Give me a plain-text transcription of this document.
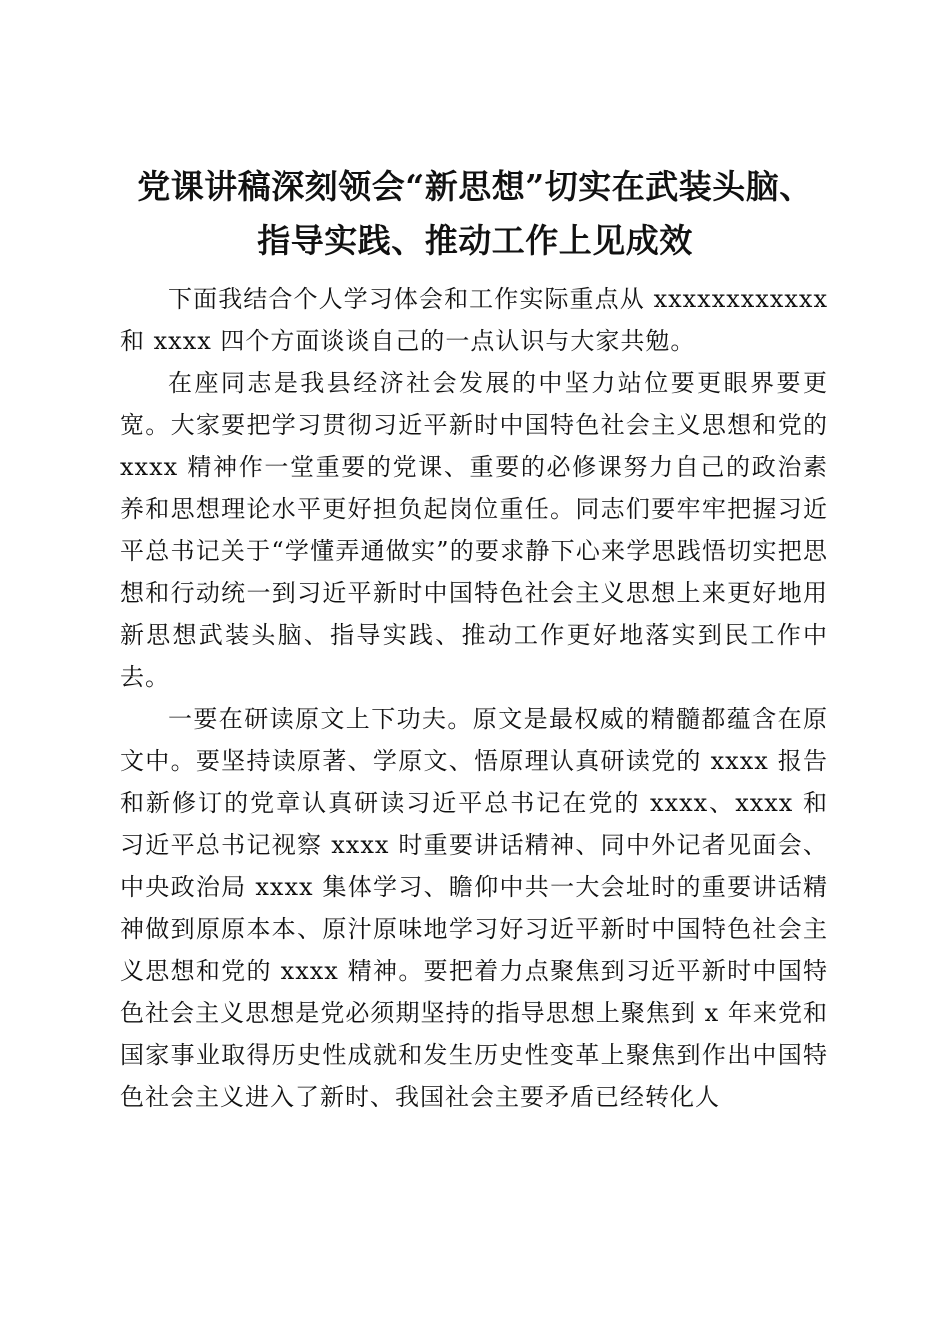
党课讲稿深刻领会“新思想”切实在武装头脑、
指导实践、推动工作上见成效

下面我结合个人学习体会和工作实际重点从 xxxxxxxxxxxx 和 xxxx 四个方面谈谈自己的一点认识与大家共勉。

在座同志是我县经济社会发展的中坚力站位要更眼界要更宽。大家要把学习贯彻习近平新时中国特色社会主义思想和党的 xxxx 精神作一堂重要的党课、重要的必修课努力自己的政治素养和思想理论水平更好担负起岗位重任。同志们要牢牢把握习近平总书记关于“学懂弄通做实”的要求静下心来学思践悟切实把思想和行动统一到习近平新时中国特色社会主义思想上来更好地用新思想武装头脑、指导实践、推动工作更好地落实到民工作中去。

一要在研读原文上下功夫。原文是最权威的精髓都蕴含在原文中。要坚持读原著、学原文、悟原理认真研读党的 xxxx 报告和新修订的党章认真研读习近平总书记在党的 xxxx、xxxx 和习近平总书记视察 xxxx 时重要讲话精神、同中外记者见面会、中央政治局 xxxx 集体学习、瞻仰中共一大会址时的重要讲话精神做到原原本本、原汁原味地学习好习近平新时中国特色社会主义思想和党的 xxxx 精神。要把着力点聚焦到习近平新时中国特色社会主义思想是党必须期坚持的指导思想上聚焦到 x 年来党和国家事业取得历史性成就和发生历史性变革上聚焦到作出中国特色社会主义进入了新时、我国社会主要矛盾已经转化人
